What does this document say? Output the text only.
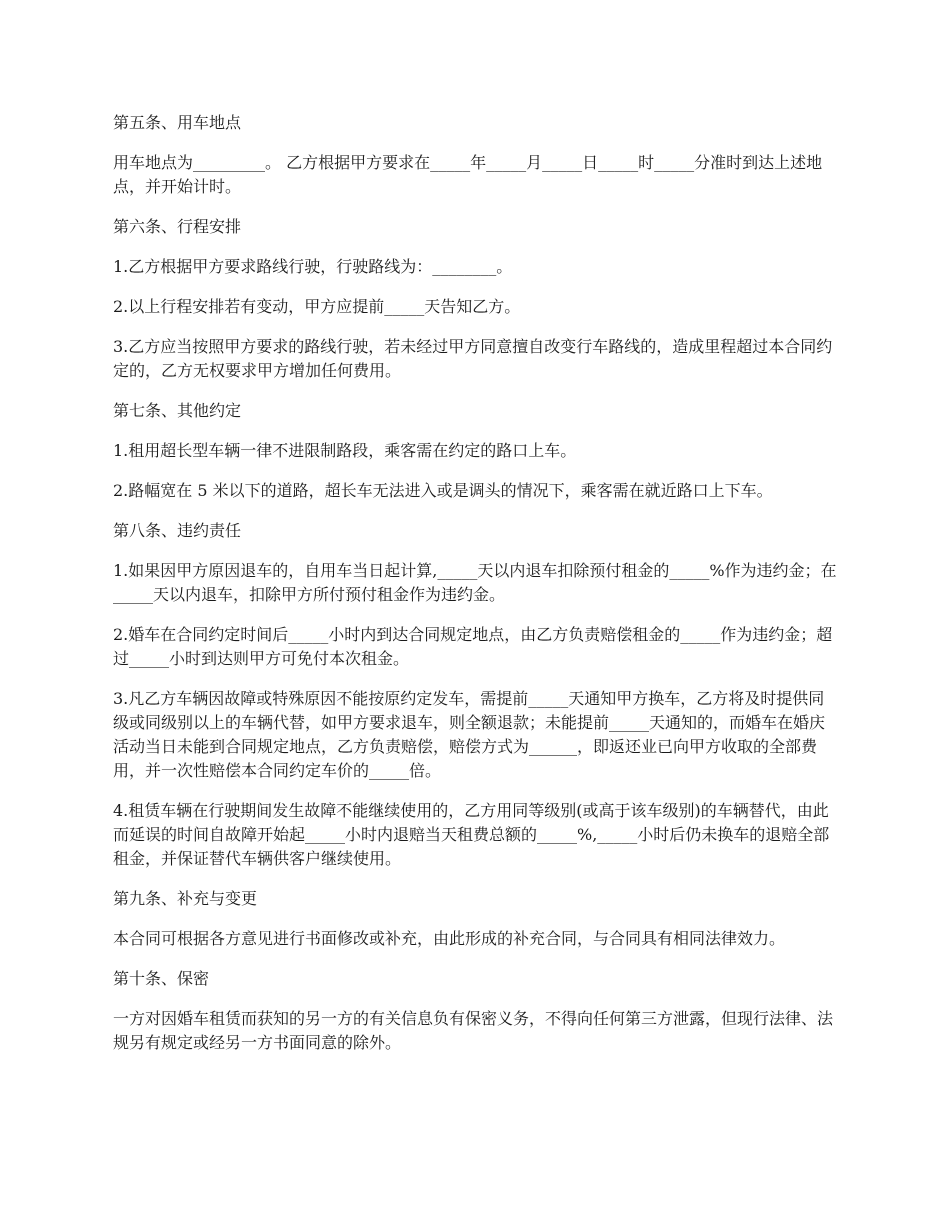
第五条、用车地点

用车地点为_________。 乙方根据甲方要求在_____年_____月_____日_____时_____分准时到达上述地点，并开始计时。

第六条、行程安排

1.乙方根据甲方要求路线行驶，行驶路线为：________。

2.以上行程安排若有变动，甲方应提前_____天告知乙方。

3.乙方应当按照甲方要求的路线行驶，若未经过甲方同意擅自改变行车路线的，造成里程超过本合同约定的，乙方无权要求甲方增加任何费用。

第七条、其他约定

1.租用超长型车辆一律不进限制路段，乘客需在约定的路口上车。

2.路幅宽在 5 米以下的道路，超长车无法进入或是调头的情况下，乘客需在就近路口上下车。

第八条、违约责任

1.如果因甲方原因退车的，自用车当日起计算,_____天以内退车扣除预付租金的_____%作为违约金；在_____天以内退车，扣除甲方所付预付租金作为违约金。

2.婚车在合同约定时间后_____小时内到达合同规定地点，由乙方负责赔偿租金的_____作为违约金；超过_____小时到达则甲方可免付本次租金。

3.凡乙方车辆因故障或特殊原因不能按原约定发车，需提前_____天通知甲方换车，乙方将及时提供同级或同级别以上的车辆代替，如甲方要求退车，则全额退款；未能提前_____天通知的，而婚车在婚庆活动当日未能到合同规定地点，乙方负责赔偿，赔偿方式为______，即返还业已向甲方收取的全部费用，并一次性赔偿本合同约定车价的_____倍。

4.租赁车辆在行驶期间发生故障不能继续使用的，乙方用同等级别(或高于该车级别)的车辆替代，由此而延误的时间自故障开始起_____小时内退赔当天租费总额的_____%,_____小时后仍未换车的退赔全部租金，并保证替代车辆供客户继续使用。

第九条、补充与变更

本合同可根据各方意见进行书面修改或补充，由此形成的补充合同，与合同具有相同法律效力。

第十条、保密

一方对因婚车租赁而获知的另一方的有关信息负有保密义务，不得向任何第三方泄露，但现行法律、法规另有规定或经另一方书面同意的除外。
